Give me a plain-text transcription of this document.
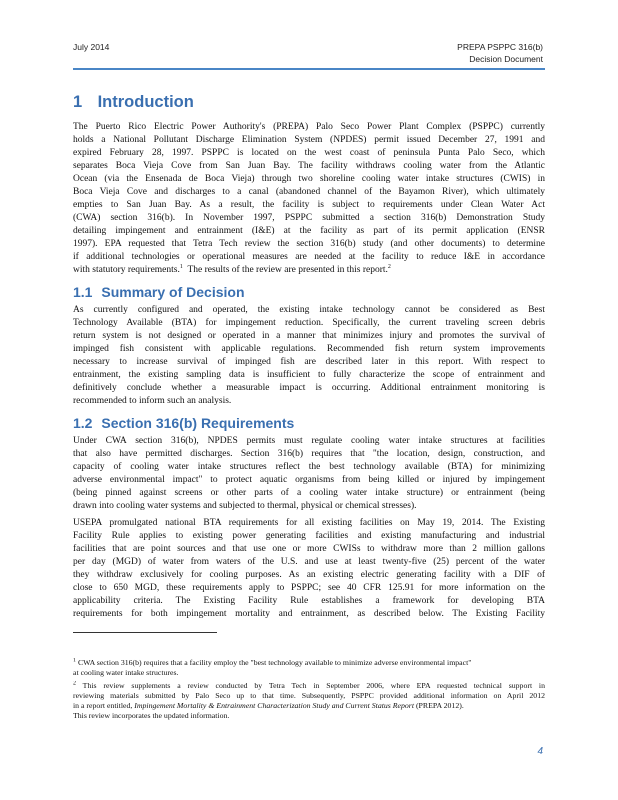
July 2014	PREPA PSPPC 316(b)
Decision Document
1 Introduction
The Puerto Rico Electric Power Authority's (PREPA) Palo Seco Power Plant Complex (PSPPC) currently
holds a National Pollutant Discharge Elimination System (NPDES) permit issued December 27, 1991 and
expired February 28, 1997. PSPPC is located on the west coast of peninsula Punta Palo Seco, which
separates Boca Vieja Cove from San Juan Bay. The facility withdraws cooling water from the Atlantic
Ocean (via the Ensenada de Boca Vieja) through two shoreline cooling water intake structures (CWIS) in
Boca Vieja Cove and discharges to a canal (abandoned channel of the Bayamon River), which ultimately
empties to San Juan Bay. As a result, the facility is subject to requirements under Clean Water Act
(CWA) section 316(b). In November 1997, PSPPC submitted a section 316(b) Demonstration Study
detailing impingement and entrainment (I&E) at the facility as part of its permit application (ENSR
1997). EPA requested that Tetra Tech review the section 316(b) study (and other documents) to determine
if additional technologies or operational measures are needed at the facility to reduce I&E in accordance
with statutory requirements.$^1$  The results of the review are presented in this report.$^2$
1.1 Summary of Decision
As currently configured and operated, the existing intake technology cannot be considered as Best
Technology Available (BTA) for impingement reduction. Specifically, the current traveling screen debris
return system is not designed or operated in a manner that minimizes injury and promotes the survival of
impinged fish consistent with applicable regulations. Recommended fish return system improvements
necessary to increase survival of impinged fish are described later in this report. With respect to
entrainment, the existing sampling data is insufficient to fully characterize the scope of entrainment and
definitively conclude whether a measurable impact is occurring. Additional entrainment monitoring is
recommended to inform such an analysis.
1.2 Section 316(b) Requirements
Under CWA section 316(b), NPDES permits must regulate cooling water intake structures at facilities
that also have permitted discharges. Section 316(b) requires that "the location, design, construction, and
capacity of cooling water intake structures reflect the best technology available (BTA) for minimizing
adverse environmental impact" to protect aquatic organisms from being killed or injured by impingement
(being pinned against screens or other parts of a cooling water intake structure) or entrainment (being
drawn into cooling water systems and subjected to thermal, physical or chemical stresses).
USEPA promulgated national BTA requirements for all existing facilities on May 19, 2014. The Existing
Facility Rule applies to existing power generating facilities and existing manufacturing and industrial
facilities that are point sources and that use one or more CWISs to withdraw more than 2 million gallons
per day (MGD) of water from waters of the U.S. and use at least twenty-five (25) percent of the water
they withdraw exclusively for cooling purposes. As an existing electric generating facility with a DIF of
close to 650 MGD, these requirements apply to PSPPC; see 40 CFR 125.91 for more information on the
applicability criteria. The Existing Facility Rule establishes a framework for developing BTA
requirements for both impingement mortality and entrainment, as described below. The Existing Facility
$^1$ CWA section 316(b) requires that a facility employ the "best technology available to minimize adverse environmental impact"
at cooling water intake structures.
$^2$ This review supplements a review conducted by Tetra Tech in September 2006, where EPA requested technical support in
reviewing materials submitted by Palo Seco up to that time. Subsequently, PSPPC provided additional information on April 2012
in a report entitled, Impingement Mortality & Entrainment Characterization Study and Current Status Report (PREPA 2012).
This review incorporates the updated information.
4
